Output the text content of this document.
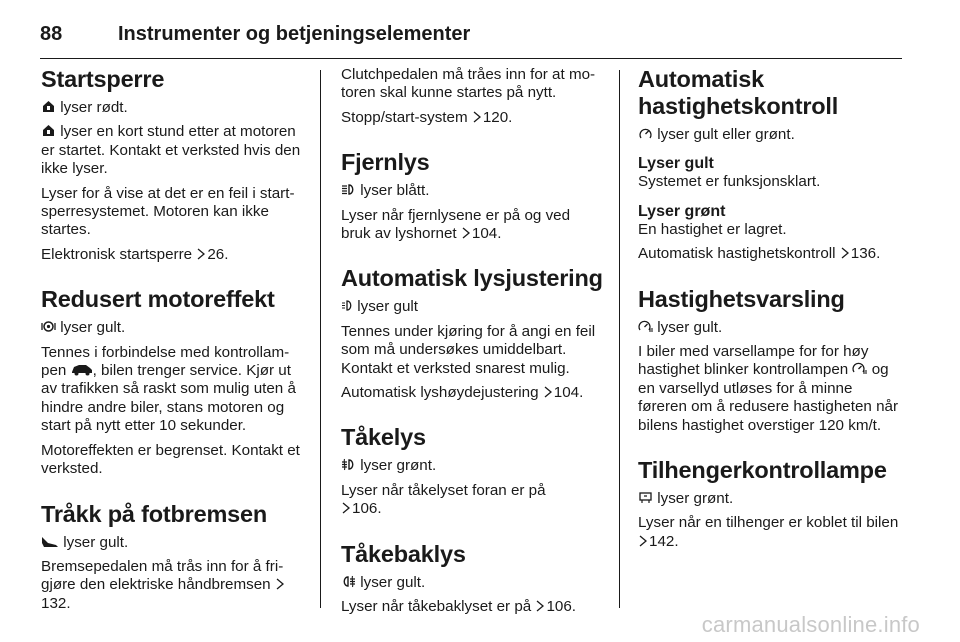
88	Instrumenter og betjeningselementer
Startsperre

lyser rødt.

lyser en kort stund etter at motoren er startet. Kontakt et verksted hvis den ikke lyser.

Lyser for å vise at det er en feil i startsperresystemet. Motoren kan ikke startes.

Elektronisk startsperre 26.

Redusert motoreffekt

lyser gult.

Tennes i forbindelse med kontrollampen , bilen trenger service. Kjør ut av trafikken så raskt som mulig uten å hindre andre biler, stans motoren og start på nytt etter 10 sekunder.

Motoreffekten er begrenset. Kontakt et verksted.

Tråkk på fotbremsen

lyser gult.

Bremsepedalen må trås inn for å frigjøre den elektriske håndbremsen
132.

Clutchpedalen må tråes inn for at motoren skal kunne startes på nytt.

Stopp/start-system 120.

Fjernlys

lyser blått.

Lyser når fjernlysene er på og ved bruk av lyshornet 104.

Automatisk lysjustering

lyser gult

Tennes under kjøring for å angi en feil som må undersøkes umiddelbart. Kontakt et verksted snarest mulig.

Automatisk lyshøydejustering 104.

Tåkelys

lyser grønt.

Lyser når tåkelyset foran er på

106.

Tåkebaklys

lyser gult.

Lyser når tåkebaklyset er på 106.

Automatisk hastighetskontroll

lyser gult eller grønt.

Lyser gult

Systemet er funksjonsklart.

Lyser grønt

En hastighet er lagret.

Automatisk hastighetskontroll 136.

Hastighetsvarsling

lyser gult.

I biler med varsellampe for for høy hastighet blinker kontrollampen og en varsellyd utløses for å minne føreren om å redusere hastigheten når bilens hastighet overstiger 120 km/t.

Tilhengerkontrollampe

lyser grønt.

Lyser når en tilhenger er koblet til bilen
142.

carmanualsonline.info
